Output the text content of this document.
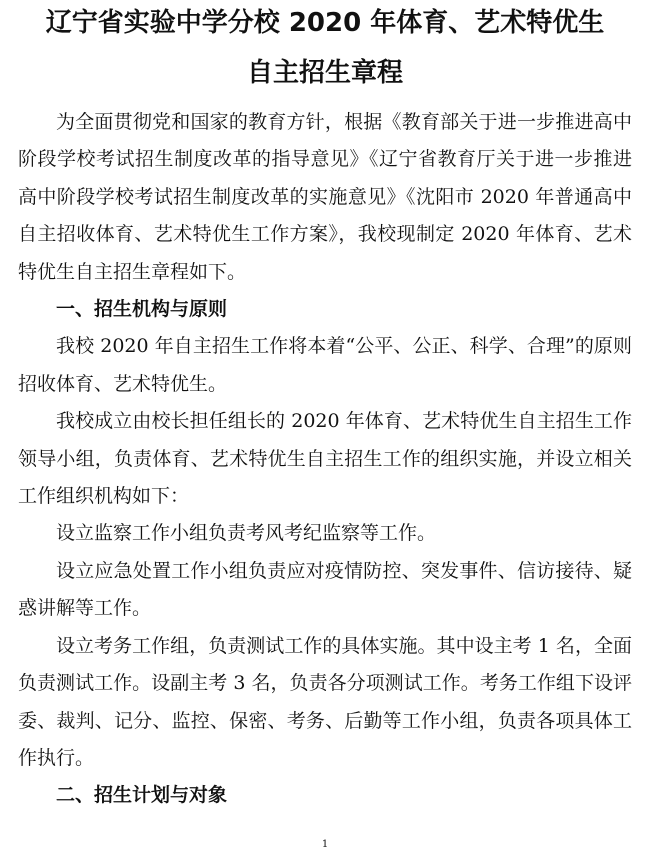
辽宁省实验中学分校 2020 年体育、艺术特优生
自主招生章程

为全面贯彻党和国家的教育方针，根据《教育部关于进一步推进高中阶段学校考试招生制度改革的指导意见》《辽宁省教育厅关于进一步推进高中阶段学校考试招生制度改革的实施意见》《沈阳市 2020 年普通高中自主招收体育、艺术特优生工作方案》，我校现制定 2020 年体育、艺术特优生自主招生章程如下。

一、招生机构与原则

我校 2020 年自主招生工作将本着“公平、公正、科学、合理”的原则招收体育、艺术特优生。

我校成立由校长担任组长的 2020 年体育、艺术特优生自主招生工作领导小组，负责体育、艺术特优生自主招生工作的组织实施，并设立相关工作组织机构如下：

设立监察工作小组负责考风考纪监察等工作。

设立应急处置工作小组负责应对疫情防控、突发事件、信访接待、疑惑讲解等工作。

设立考务工作组，负责测试工作的具体实施。其中设主考 1 名，全面负责测试工作。设副主考 3 名，负责各分项测试工作。考务工作组下设评委、裁判、记分、监控、保密、考务、后勤等工作小组，负责各项具体工作执行。

二、招生计划与对象

1
